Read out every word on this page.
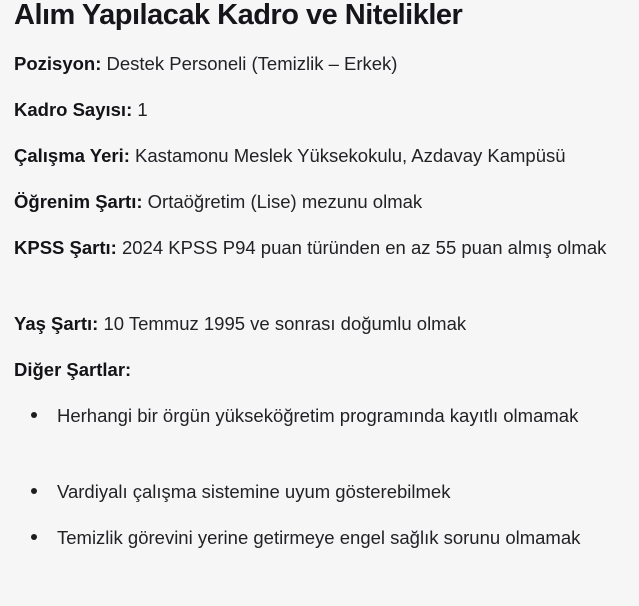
Alım Yapılacak Kadro ve Nitelikler
Pozisyon: Destek Personeli (Temizlik – Erkek)
Kadro Sayısı: 1
Çalışma Yeri: Kastamonu Meslek Yüksekokulu, Azdavay Kampüsü
Öğrenim Şartı: Ortaöğretim (Lise) mezunu olmak
KPSS Şartı: 2024 KPSS P94 puan türünden en az 55 puan almış olmak
Yaş Şartı: 10 Temmuz 1995 ve sonrası doğumlu olmak
Diğer Şartlar:
Herhangi bir örgün yükseköğretim programında kayıtlı olmamak
Vardiyalı çalışma sistemine uyum gösterebilmek
Temizlik görevini yerine getirmeye engel sağlık sorunu olmamak
